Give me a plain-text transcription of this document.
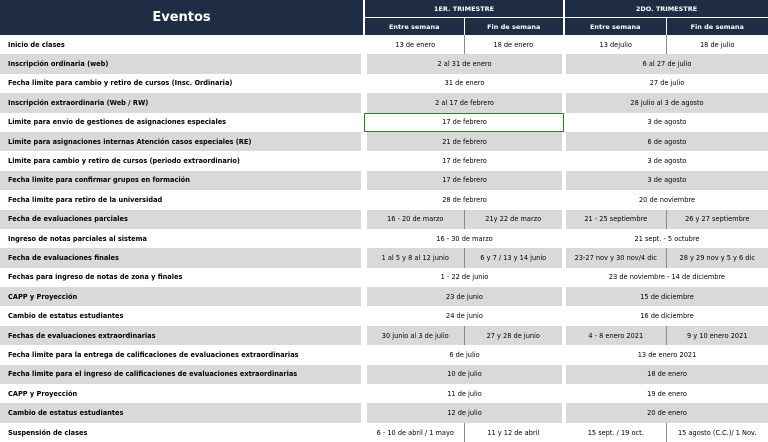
Eventos	1ER. TRIMESTRE		2DO. TRIMESTRE	
	Entre semana	Fin de semana	Entre semana	Fin de semana
Inicio de clases	13 de enero	18 de enero	13 dejulio	18 de julio
Inscripción ordinaria (web)	2 al 31 de enero		6 al 27 de julio	
Fecha limite para cambio y retiro de cursos (Insc. Ordinaria)	31 de enero		27 de julio	
Inscripción extraordinaria (Web / RW)	2 al 17 de febrero		28 julio al 3 de agosto	
Limite para envío de gestiones de asignaciones especiales	17 de febrero		3 de agosto	
Limite para asignaciones internas Atención casos especiales (RE)	21 de febrero		6 de agosto	
Limite para cambio y retiro de cursos (periodo extraordinario)	17 de febrero		3 de agosto	
Fecha limite para confirmar grupos en formación	17 de febrero		3 de agosto	
Fecha limite para retiro de la universidad	28 de febrero		20 de noviembre	
Fecha de evaluaciones parciales	16 - 20 de marzo	21y 22 de marzo	21 - 25 septiembre	26 y 27 septiembre
Ingreso de notas parciales al sistema	16 - 30 de marzo		21 sept. - 5 octubre	
Fecha de evaluaciones finales	1 al 5 y 8 al 12 junio	6 y 7 / 13 y 14 junio	23-27 nov y 30 nov/4 dic	28 y 29 nov y 5 y 6 dic
Fechas para ingreso de notas de zona y finales	1 - 22 de junio		23 de noviembre - 14 de diciembre	
CAPP y Proyección	23 de junio		15 de diciembre	
Cambio de estatus estudiantes	24 de junio		16 de diciembre	
Fechas de evaluaciones extraordinarias	30 junio al 3 de julio	27 y 28 de junio	4 - 8 enero 2021	9 y 10 enero 2021
Fecha limite para la entrega de calificaciones de evaluaciones extraordinarias	6 de julio		13 de enero 2021	
Fecha limite para el ingreso de calificaciones de evaluaciones extraordinarias	10 de julio		18 de enero	
CAPP y Proyección	11 de julio		19 de enero	
Cambio de estatus estudiantes	12 de julio		20 de enero	
Suspensión de clases	6 - 10 de abril / 1 mayo	11 y 12 de abril	15 sept. / 19 oct.	15 agosto (C.C.)/ 1 Nov.
